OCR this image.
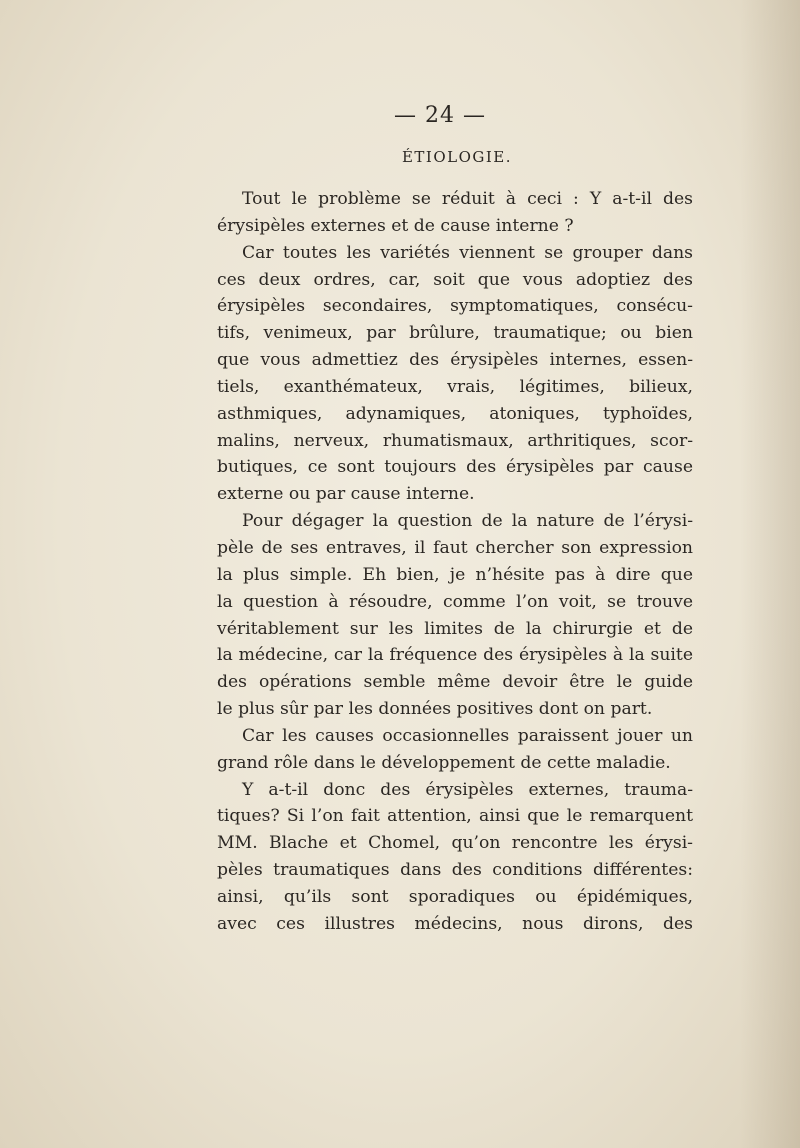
— 24 —
ÉTIOLOGIE.
Tout le problème se réduit à ceci : Y a-t-il des
érysipèles externes et de cause interne ?
Car toutes les variétés viennent se grouper dans
ces deux ordres, car, soit que vous adoptiez des
érysipèles secondaires, symptomatiques, consécu-
tifs, venimeux, par brûlure, traumatique; ou bien
que vous admettiez des érysipèles internes, essen-
tiels, exanthémateux, vrais, légitimes, bilieux,
asthmiques, adynamiques, atoniques, typhoïdes,
malins, nerveux, rhumatismaux, arthritiques, scor-
butiques, ce sont toujours des érysipèles par cause
externe ou par cause interne.
Pour dégager la question de la nature de l’érysi-
pèle de ses entraves, il faut chercher son expression
la plus simple. Eh bien, je n’hésite pas à dire que
la question à résoudre, comme l’on voit, se trouve
véritablement sur les limites de la chirurgie et de
la médecine, car la fréquence des érysipèles à la suite
des opérations semble même devoir être le guide
le plus sûr par les données positives dont on part.
Car les causes occasionnelles paraissent jouer un
grand rôle dans le développement de cette maladie.
Y a-t-il donc des érysipèles externes, trauma-
tiques? Si l’on fait attention, ainsi que le remarquent
MM. Blache et Chomel, qu’on rencontre les érysi-
pèles traumatiques dans des conditions différentes:
ainsi, qu’ils sont sporadiques ou épidémiques,
avec ces illustres médecins, nous dirons, des
